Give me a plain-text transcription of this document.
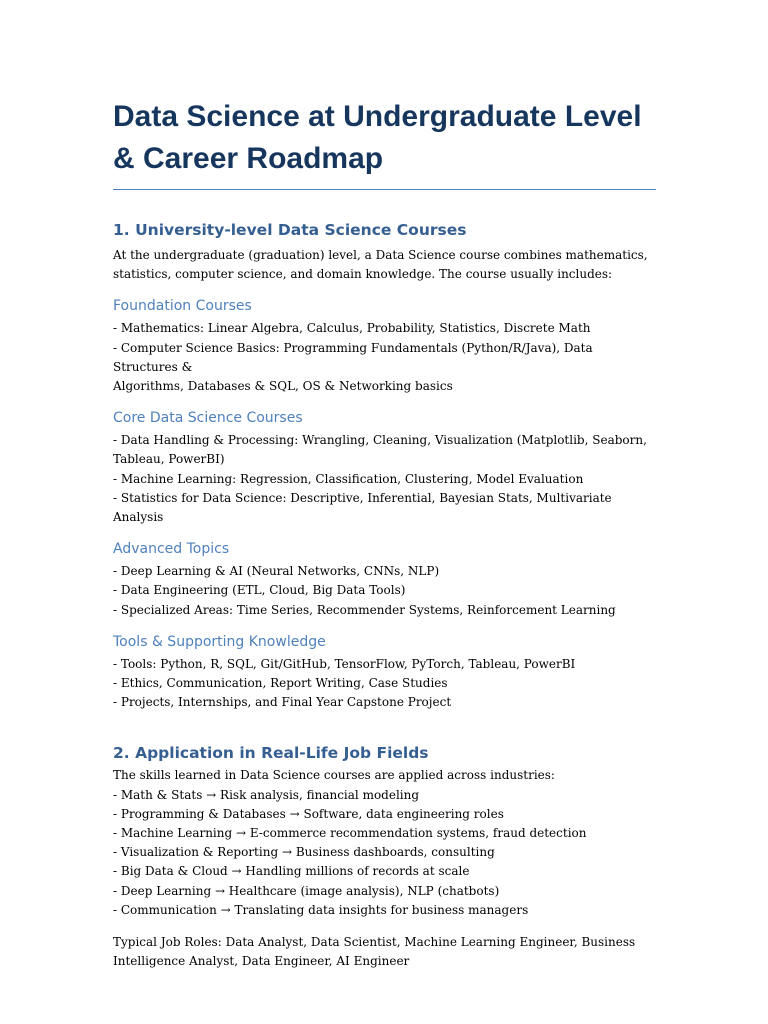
Data Science at Undergraduate Level & Career Roadmap
1. University-level Data Science Courses

At the undergraduate (graduation) level, a Data Science course combines mathematics,
statistics, computer science, and domain knowledge. The course usually includes:

Foundation Courses

- Mathematics: Linear Algebra, Calculus, Probability, Statistics, Discrete Math
- Computer Science Basics: Programming Fundamentals (Python/R/Java), Data Structures &
Algorithms, Databases & SQL, OS & Networking basics

Core Data Science Courses

- Data Handling & Processing: Wrangling, Cleaning, Visualization (Matplotlib, Seaborn,
Tableau, PowerBI)
- Machine Learning: Regression, Classification, Clustering, Model Evaluation
- Statistics for Data Science: Descriptive, Inferential, Bayesian Stats, Multivariate Analysis

Advanced Topics

- Deep Learning & AI (Neural Networks, CNNs, NLP)
- Data Engineering (ETL, Cloud, Big Data Tools)
- Specialized Areas: Time Series, Recommender Systems, Reinforcement Learning

Tools & Supporting Knowledge

- Tools: Python, R, SQL, Git/GitHub, TensorFlow, PyTorch, Tableau, PowerBI
- Ethics, Communication, Report Writing, Case Studies
- Projects, Internships, and Final Year Capstone Project

2. Application in Real-Life Job Fields

The skills learned in Data Science courses are applied across industries:
- Math & Stats → Risk analysis, financial modeling
- Programming & Databases → Software, data engineering roles
- Machine Learning → E-commerce recommendation systems, fraud detection
- Visualization & Reporting → Business dashboards, consulting
- Big Data & Cloud → Handling millions of records at scale
- Deep Learning → Healthcare (image analysis), NLP (chatbots)
- Communication → Translating data insights for business managers

Typical Job Roles: Data Analyst, Data Scientist, Machine Learning Engineer, Business
Intelligence Analyst, Data Engineer, AI Engineer
